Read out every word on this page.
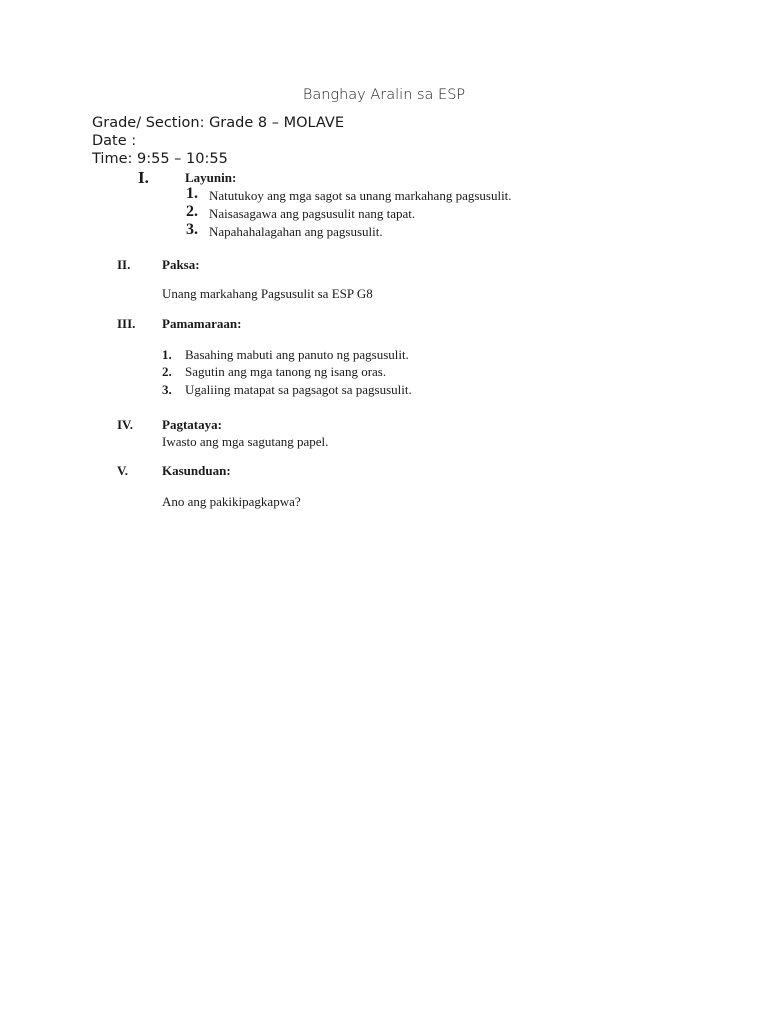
Banghay Aralin sa ESP
Grade/ Section: Grade 8 – MOLAVE
Date :
Time: 9:55 – 10:55
I.	Layunin:
1. Natutukoy ang mga sagot sa unang markahang pagsusulit.
2. Naisasagawa ang pagsusulit nang tapat.
3. Napahahalagahan ang pagsusulit.
II. Paksa:
Unang markahang Pagsusulit sa ESP G8
III. Pamamaraan:
1. Basahing mabuti ang panuto ng pagsusulit.
2. Sagutin ang mga tanong ng isang oras.
3. Ugaliing matapat sa pagsagot sa pagsusulit.
IV. Pagtataya:
Iwasto ang mga sagutang papel.
V.	Kasunduan:
Ano ang pakikipagkapwa?
